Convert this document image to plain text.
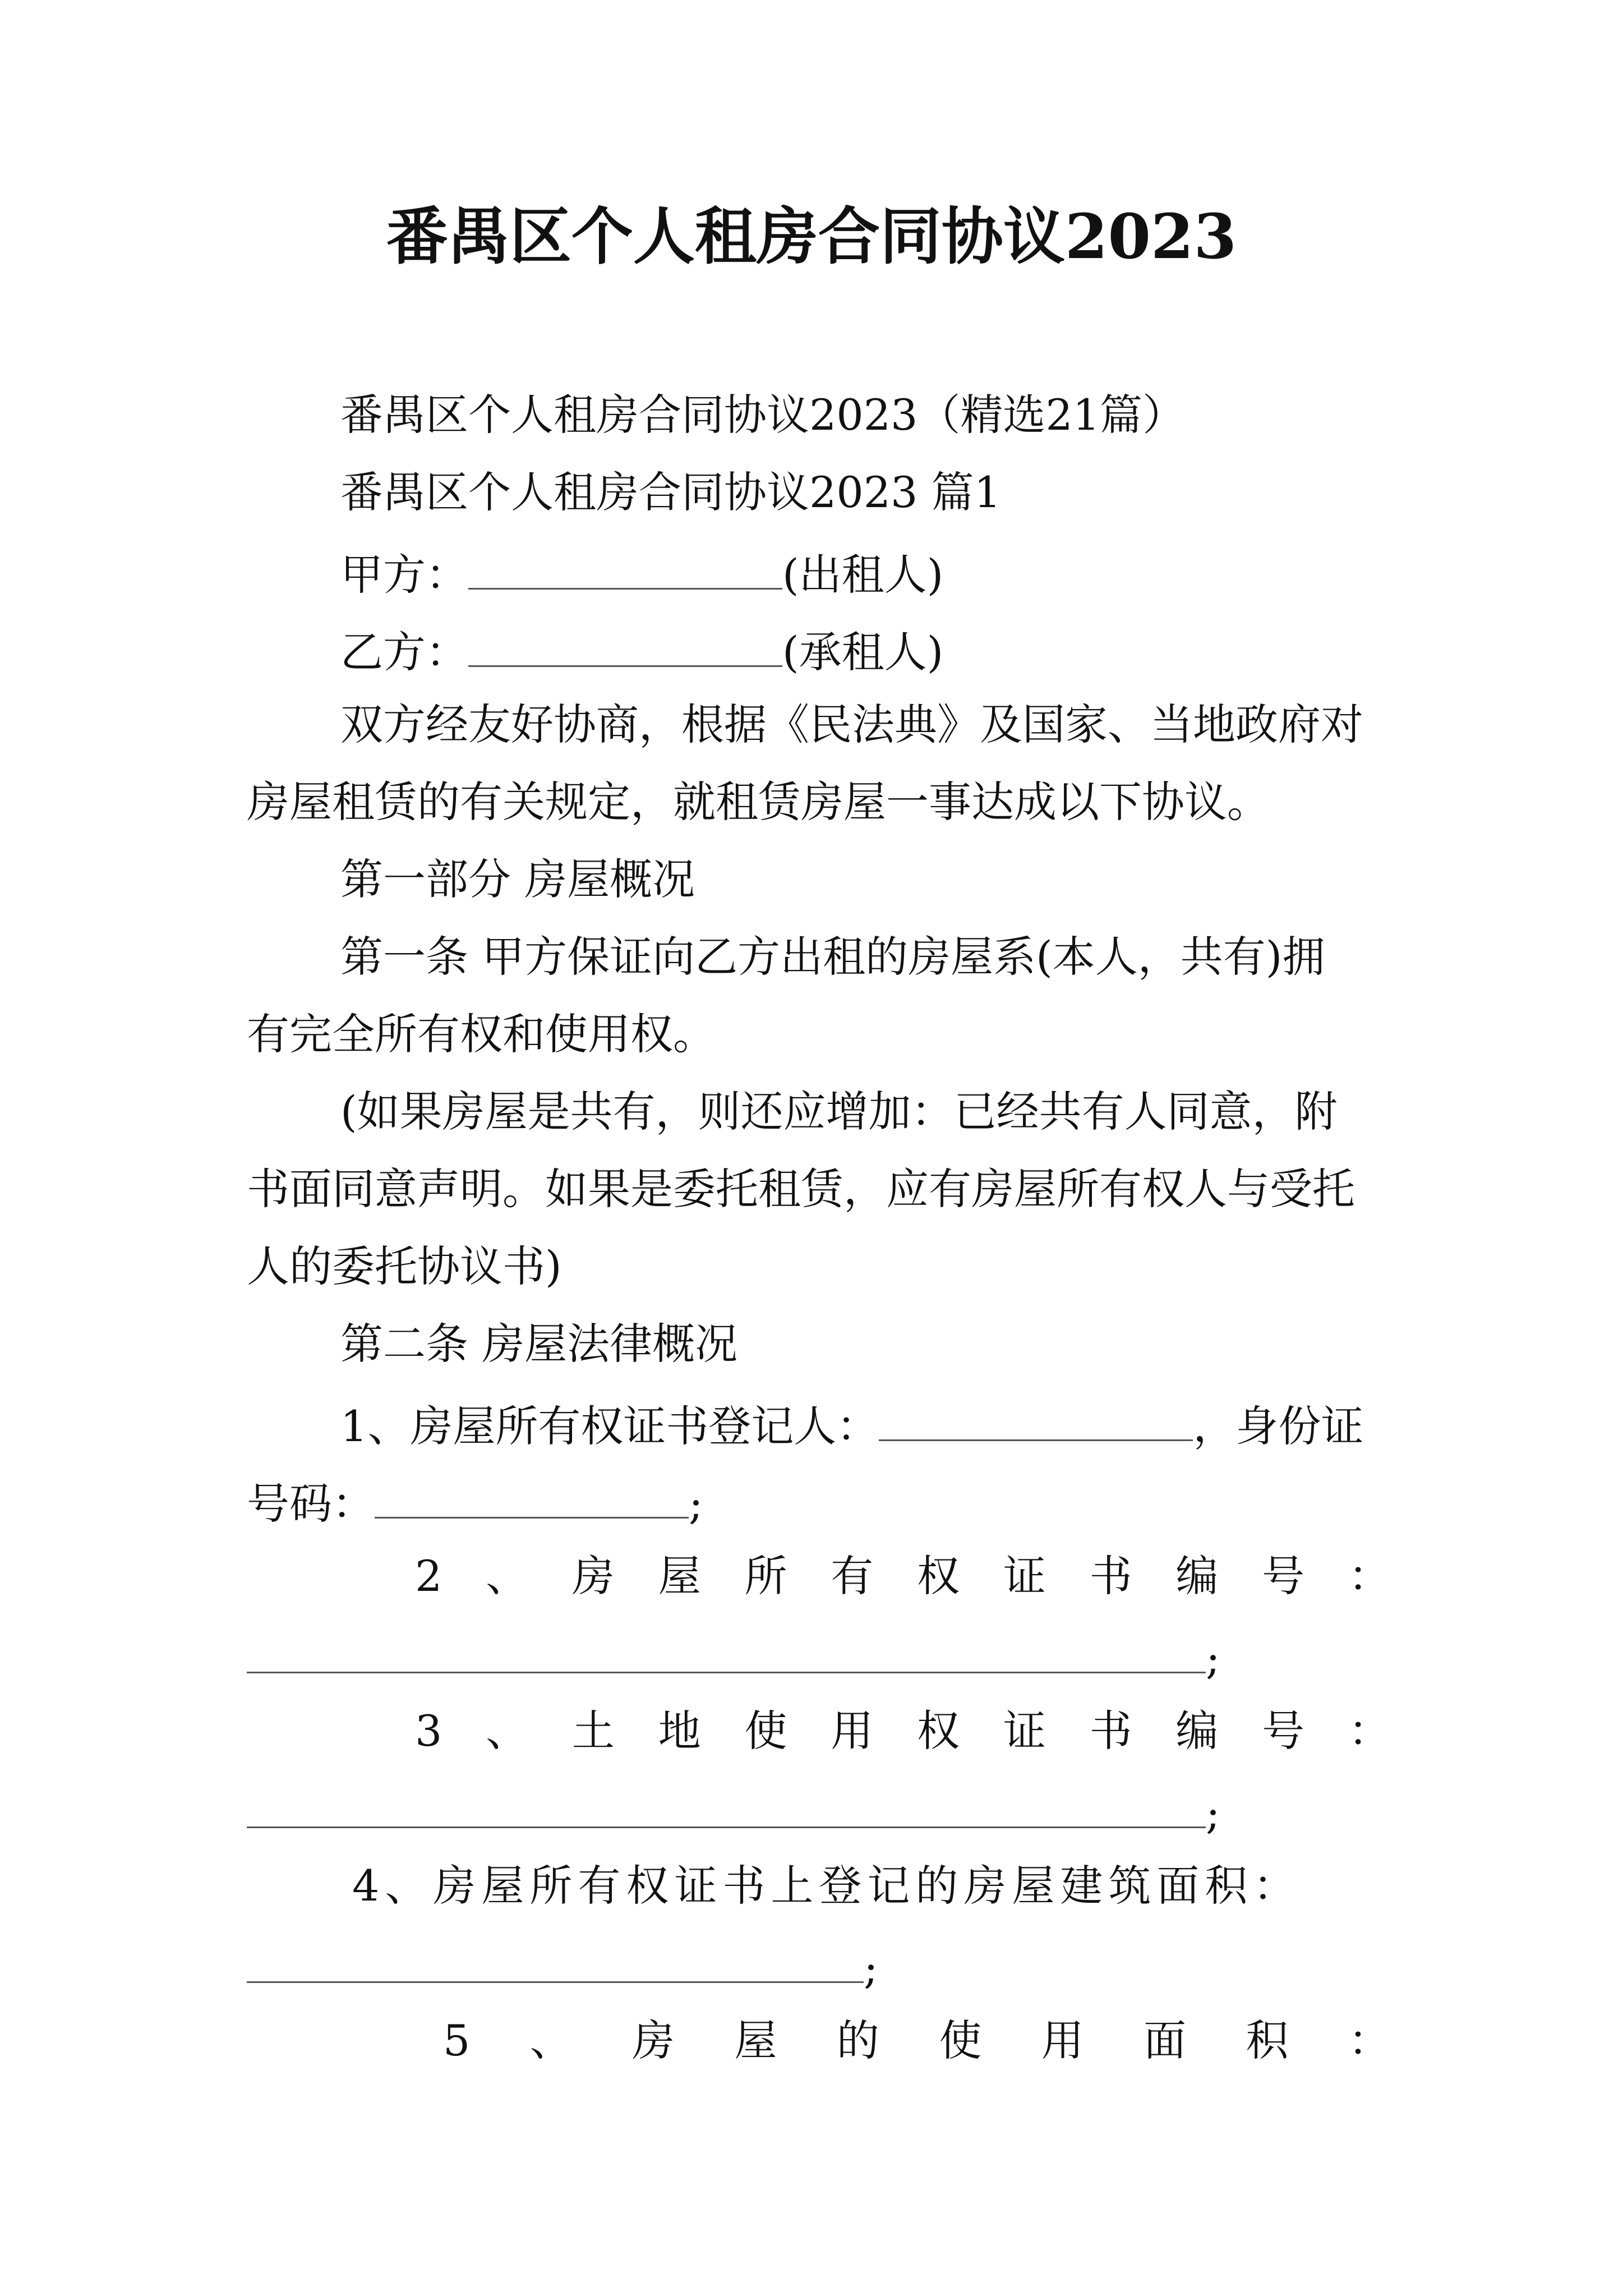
番禺区个人租房合同协议2023
番禺区个人租房合同协议2023（精选21篇）
番禺区个人租房合同协议2023 篇1
甲方：	(出租人)
乙方：	(承租人)
双方经友好协商，根据《民法典》及国家、当地政府对
房屋租赁的有关规定，就租赁房屋一事达成以下协议。
第一部分 房屋概况
第一条 甲方保证向乙方出租的房屋系(本人，共有)拥
有完全所有权和使用权。
(如果房屋是共有，则还应增加：已经共有人同意，附
书面同意声明。如果是委托租赁，应有房屋所有权人与受托
人的委托协议书)
第二条 房屋法律概况
1、房屋所有权证书登记人：	，身份证
号码：	;
2 、 房 屋 所 有 权 证 书 编 号 ：
;
3 、 土 地 使 用 权 证 书 编 号 ：
;
4、房屋所有权证书上登记的房屋建筑面积：
;
5 、 房 屋 的 使 用 面 积 ：
